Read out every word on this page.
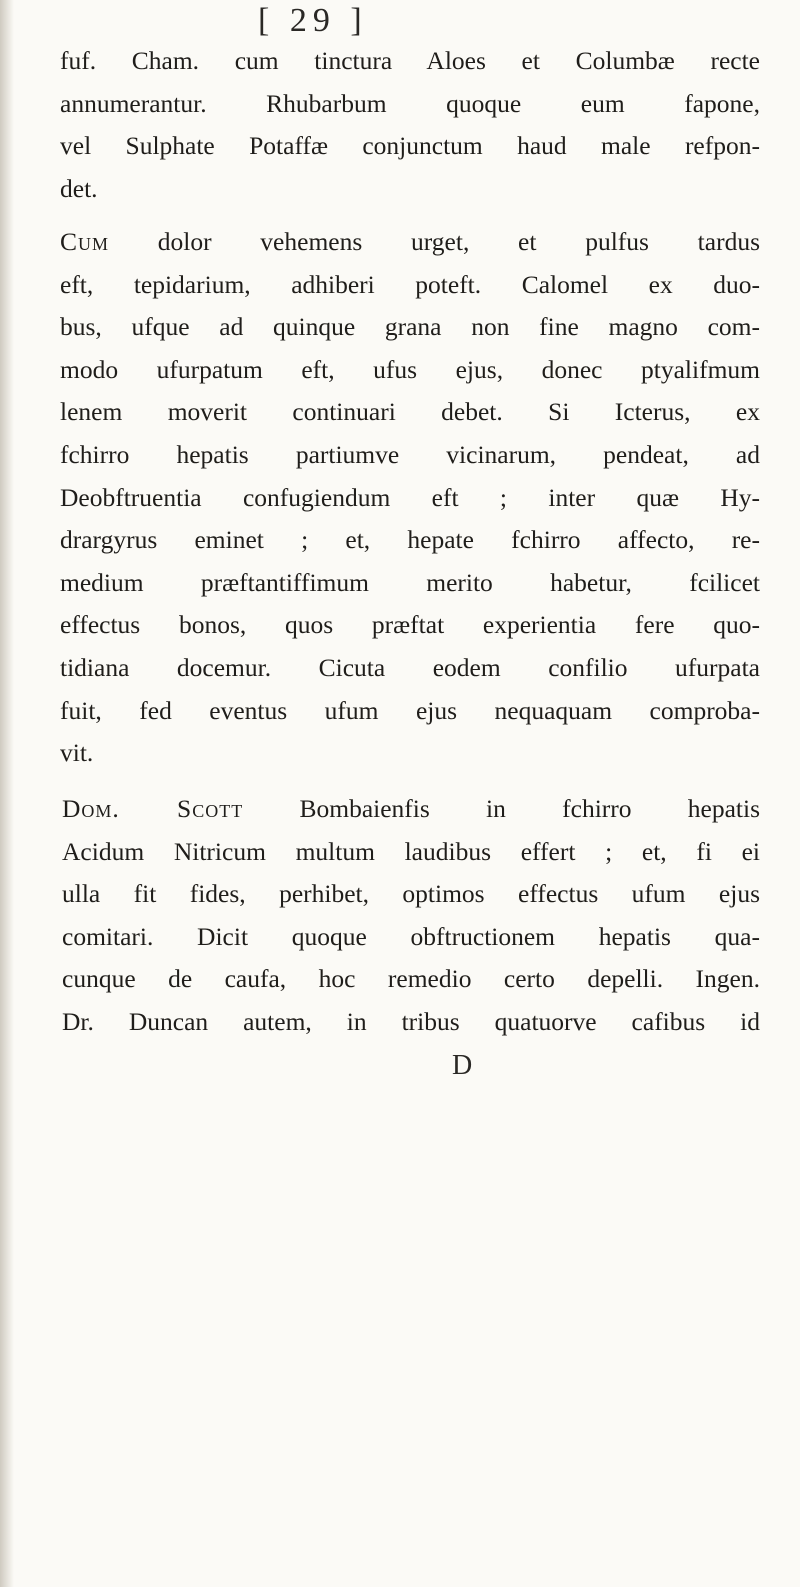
[ 29 ]
fuf. Cham. cum tinctura Aloes et Columbæ recte
annumerantur. Rhubarbum quoque eum fapone,
vel Sulphate Potaffæ conjunctum haud male refpon-
det.
Cum dolor vehemens urget, et pulfus tardus
eft, tepidarium, adhiberi poteft. Calomel ex duo-
bus, ufque ad quinque grana non fine magno com-
modo ufurpatum eft, ufus ejus, donec ptyalifmum
lenem moverit continuari debet. Si Icterus, ex
fchirro hepatis partiumve vicinarum, pendeat, ad
Deobftruentia confugiendum eft ; inter quæ Hy-
drargyrus eminet ; et, hepate fchirro affecto, re-
medium præftantiffimum merito habetur, fcilicet
effectus bonos, quos præftat experientia fere quo-
tidiana docemur. Cicuta eodem confilio ufurpata
fuit, fed eventus ufum ejus nequaquam comproba-
vit.
Dom. Scott Bombaienfis in fchirro hepatis
Acidum Nitricum multum laudibus effert ; et, fi ei
ulla fit fides, perhibet, optimos effectus ufum ejus
comitari. Dicit quoque obftructionem hepatis qua-
cunque de caufa, hoc remedio certo depelli. Ingen.
Dr. Duncan autem, in tribus quatuorve cafibus id
D
